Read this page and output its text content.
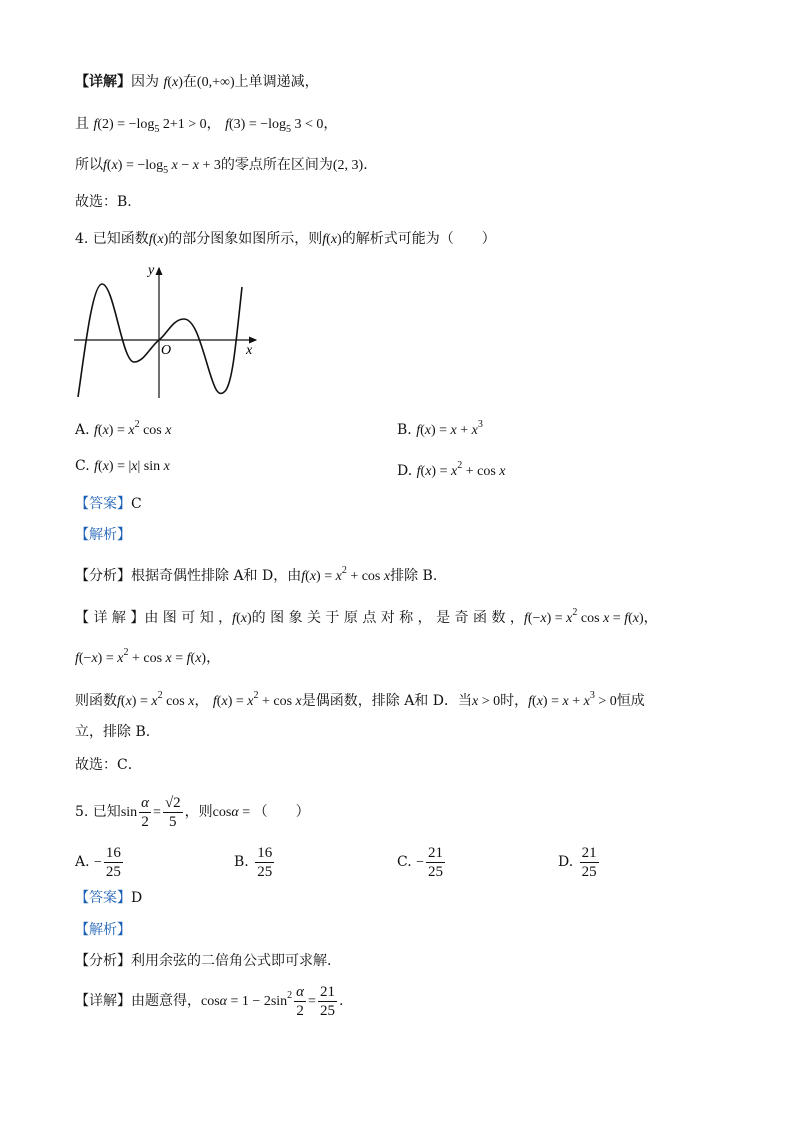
【详解】因为 f(x)在(0,+∞)上单调递减，
且 $f(2) = -\log_5$ 2+1 > 0， $f(3) = -\log_5$ 3 < 0，
所以$f(x) = -\log_5$ x − x + 3的零点所在区间为(2, 3).
故选：B.
4. 已知函数f(x)的部分图象如图所示，则f(x)的解析式可能为（　　）
y
x
O
A. $f(x) = x^2$ cos x	B. $f(x) = x + x^3$
C. f(x) = |x| sin x	D. $f(x) = x^2 + \cos x$
【答案】C
【解析】
【分析】根据奇偶性排除 A和 D，由$f(x) = x^2 + \cos x$排除 B.
【 详 解 】由 图 可 知 ，f(x)的 图 象 关 于 原 点 对 称 ， 是 奇 函 数 ，$f(-x) = x^2$ cos x = f(x)，
$f(-x) = x^2 + \cos x = f(x)$，
则函数$f(x) = x^2$ cos x， $f(x) = x^2 + \cos x$是偶函数，排除 A和 D．当x > 0时，$f(x) = x + x^3 > 0$恒成
立，排除 B.
故选：C．
5. 已知$\sin \frac{\alpha}{2} = \frac{√2}{5}$ ，则cosα = （　　）
A. − $\frac{16}{25}$	B. $\frac{16}{25}$	C. − $\frac{21}{25}$	D. $\frac{21}{25}$
【答案】D
【解析】
【分析】利用余弦的二倍角公式即可求解.
【详解】由题意得，$\cos\alpha = 1 - 2\sin^2 \frac{\alpha}{2} = \frac{21}{25}$ .
